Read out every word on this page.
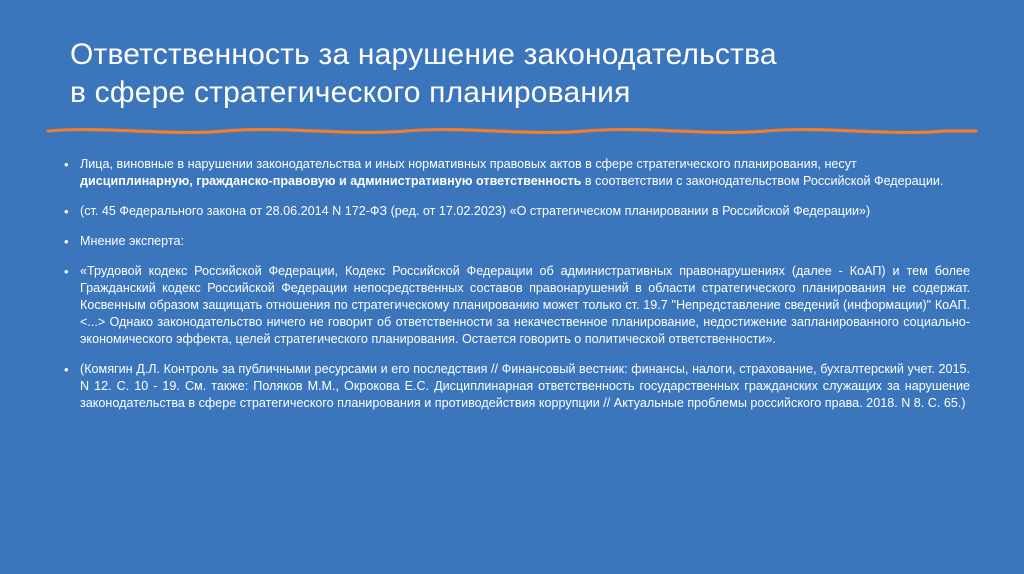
Ответственность за нарушение законодательства
в сфере стратегического планирования
• Лица, виновные в нарушении законодательства и иных нормативных правовых актов в сфере стратегического планирования, несут дисциплинарную, гражданско-правовую и административную ответственность в соответствии с законодательством Российской Федерации.
• (ст. 45 Федерального закона от 28.06.2014 N 172-ФЗ (ред. от 17.02.2023) «О стратегическом планировании в Российской Федерации»)
• Мнение эксперта:
• «Трудовой кодекс Российской Федерации, Кодекс Российской Федерации об административных правонарушениях (далее - КоАП) и тем более Гражданский кодекс Российской Федерации непосредственных составов правонарушений в области стратегического планирования не содержат. Косвенным образом защищать отношения по стратегическому планированию может только ст. 19.7 "Непредставление сведений (информации)" КоАП. <...> Однако законодательство ничего не говорит об ответственности за некачественное планирование, недостижение запланированного социально-экономического эффекта, целей стратегического планирования. Остается говорить о политической ответственности».
• (Комягин Д.Л. Контроль за публичными ресурсами и его последствия // Финансовый вестник: финансы, налоги, страхование, бухгалтерский учет. 2015. N 12. С. 10 - 19. См. также: Поляков М.М., Окрокова Е.С. Дисциплинарная ответственность государственных гражданских служащих за нарушение законодательства в сфере стратегического планирования и противодействия коррупции // Актуальные проблемы российского права. 2018. N 8. С. 65.)
